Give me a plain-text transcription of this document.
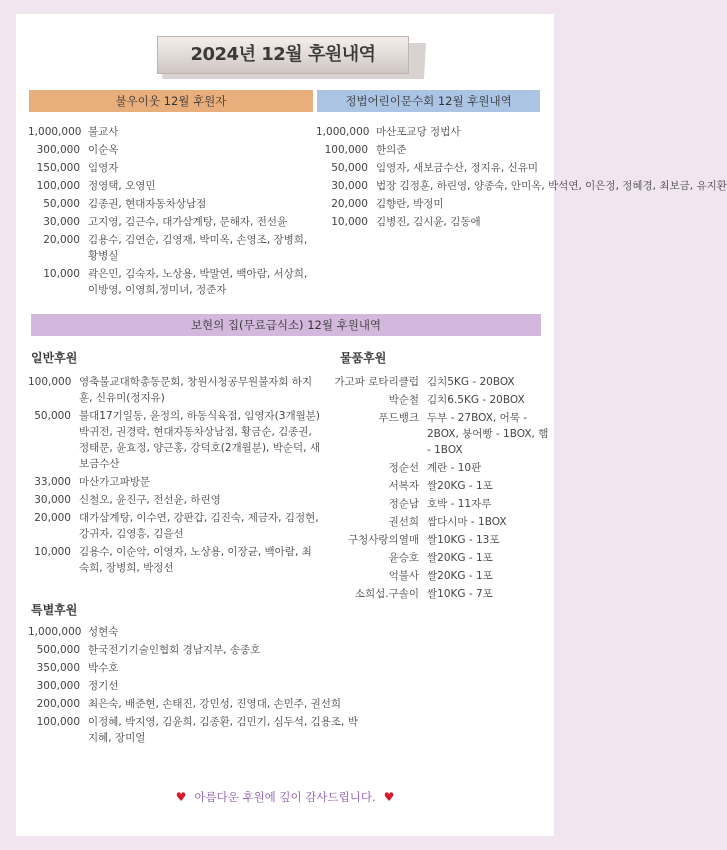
2024년 12월 후원내역
불우이웃 12월 후원자	정법어린이문수회 12월 후원내역
1,000,000 불교사
300,000 이순옥
150,000 임영자
100,000 정영택, 오영민
50,000 김종권, 현대자동차상남점
30,000 고지영, 김근수, 대가삼계탕, 문해자, 전선윤
20,000 김용수, 김연순, 김영재, 박미옥, 손영조, 장병희, 황병실
10,000 곽은민, 김숙자, 노상용, 박말연, 백아람, 서상희, 이방영, 이영희,정미녀, 정준자
1,000,000 마산포교당 정법사
100,000 한의준
50,000 임영자, 새보금수산, 정지유, 신유미
30,000 법장 김정훈, 하린영, 양종숙, 안미옥, 박석연, 이은정, 정혜경, 최보금, 유지환
20,000 김향란, 박정미
10,000 김병진, 김시윤, 김동애
보현의 집(무료급식소) 12월 후원내역
일반후원	물품후원
100,000 영축불교대학총동문회, 창원시청공무원불자회 하지훈, 신유미(정지유)
50,000 불대17기일동, 윤정의, 하동식육점, 임영자(3개월분) 박귀전, 권경락, 현대자동차상남점, 황금순, 김종권, 정태문, 윤효정, 양근홍, 강덕호(2개월분), 박순덕, 새보금수산
33,000 마산가고파방문
30,000 신철오, 윤진구, 전선윤, 하린영
20,000 대가삼계탕, 이수연, 강판갑, 김진숙, 제금자, 김정현, 강귀자, 김영흥, 김을선
10,000 김용수, 이순악, 이영자, 노상용, 이장균, 백아람, 최숙희, 장병희, 박정선
가고파 로타리클럽 김치5KG - 20BOX
박순철 김치6.5KG - 20BOX
푸드뱅크 두부 - 27BOX, 어묵 - 2BOX, 붕어빵 - 1BOX, 햄 - 1BOX
정순선 계란 - 10판
서복자 쌀20KG - 1포
정순남 호박 - 11자루
권선희 쌈다시마 - 1BOX
구청사랑의열매 쌀10KG - 13포
윤승호 쌀20KG - 1포
억불사 쌀20KG - 1포
소희섭.구솔이 쌀10KG - 7포
특별후원
1,000,000 성현숙
500,000 한국전기기술인협회 경남지부, 송종호
350,000 박수호
300,000 정기선
200,000 최은숙, 배준현, 손태진, 강민성, 진영대, 손민주, 권선희
100,000 이정혜, 박지영, 김윤희, 김종환, 김민기, 심두석, 김용조, 박지혜, 장미얼
♥ 아름다운 후원에 깊이 감사드립니다. ♥
